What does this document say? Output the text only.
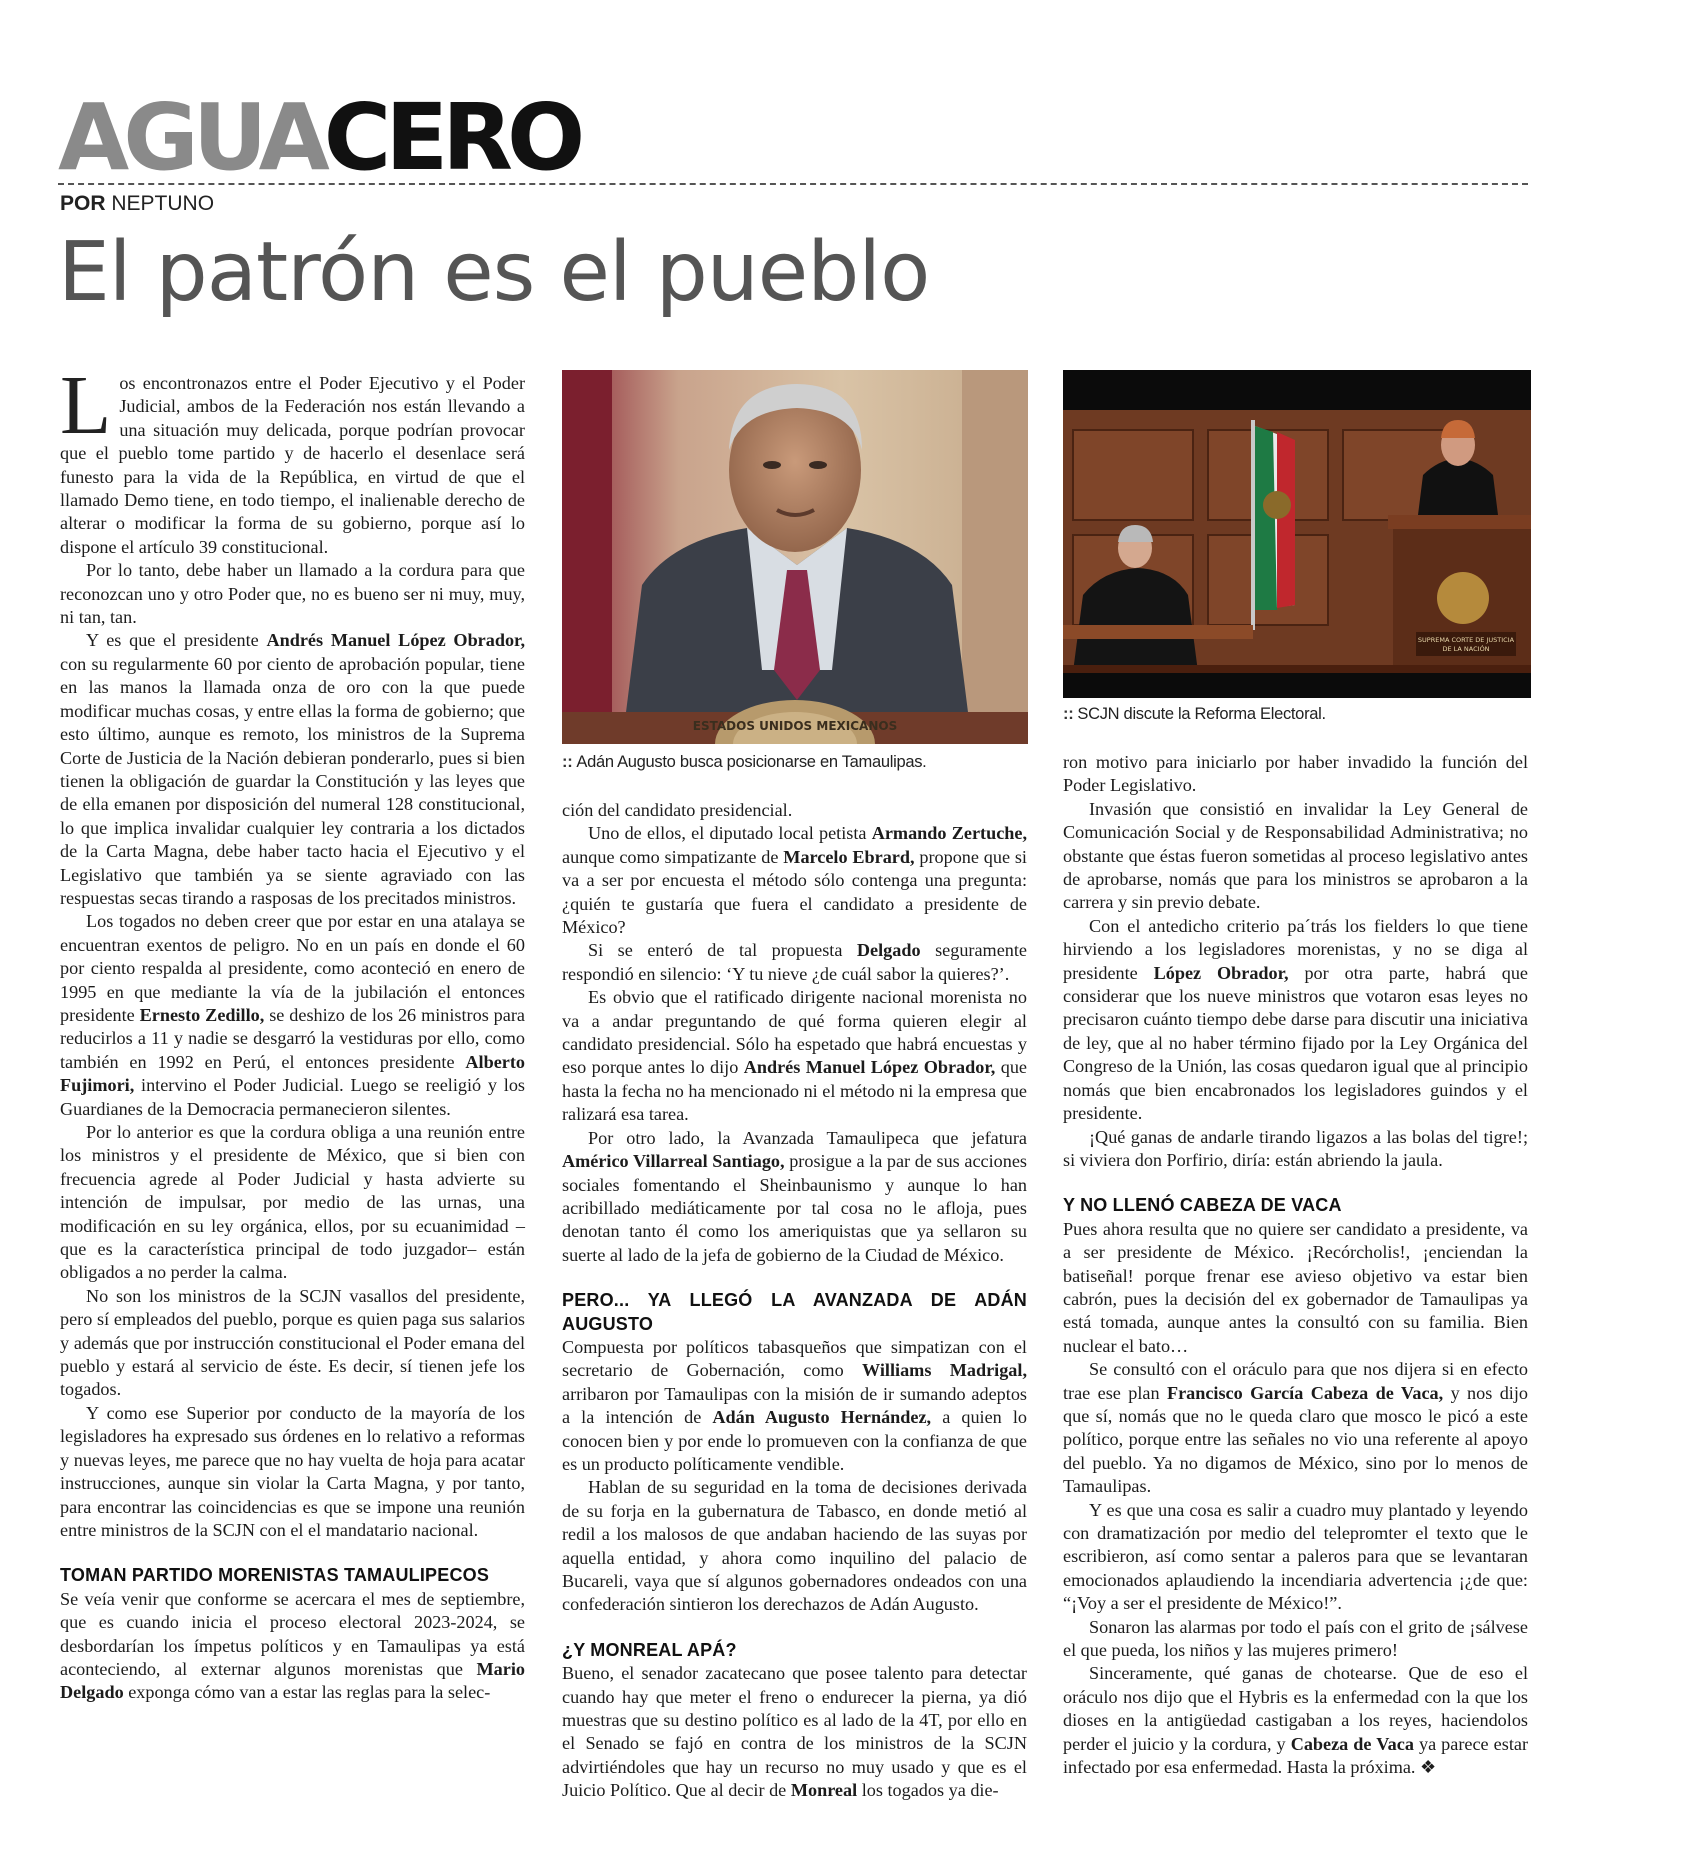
AGUACERO
POR NEPTUNO
El patrón es el pueblo
ESTADOS UNIDOS MEXICANOS
:: Adán Augusto busca posicionarse en Tamaulipas.
SUPREMA CORTE DE JUSTICIA
DE LA NACIÓN
:: SCJN discute la Reforma Electoral.

Los encontronazos entre el Poder Ejecutivo y el Poder Judicial, ambos de la Federación nos están llevando a una situación muy delicada, porque podrían provocar que el pueblo tome partido y de hacerlo el desenlace será funesto para la vida de la República, en virtud de que el llamado Demo tiene, en todo tiempo, el inalienable derecho de alterar o modificar la forma de su gobierno, porque así lo dispone el artículo 39 constitucional.

Por lo tanto, debe haber un llamado a la cordura para que reconozcan uno y otro Poder que, no es bueno ser ni muy, muy, ni tan, tan.

Y es que el presidente Andrés Manuel López Obrador, con su regularmente 60 por ciento de aprobación popular, tiene en las manos la llamada onza de oro con la que puede modificar muchas cosas, y entre ellas la forma de gobierno; que esto último, aunque es remoto, los ministros de la Suprema Corte de Justicia de la Nación debieran ponderarlo, pues si bien tienen la obligación de guardar la Constitución y las leyes que de ella emanen por disposición del numeral 128 constitucional, lo que implica invalidar cualquier ley contraria a los dictados de la Carta Magna, debe haber tacto hacia el Ejecutivo y el Legislativo que también ya se siente agraviado con las respuestas secas tirando a rasposas de los precitados ministros.

Los togados no deben creer que por estar en una atalaya se encuentran exentos de peligro. No en un país en donde el 60 por ciento respalda al presidente, como aconteció en enero de 1995 en que mediante la vía de la jubilación el entonces presidente Ernesto Zedillo, se deshizo de los 26 ministros para reducirlos a 11 y nadie se desgarró la vestiduras por ello, como también en 1992 en Perú, el entonces presidente Alberto Fujimori, intervino el Poder Judicial. Luego se reeligió y los Guardianes de la Democracia permanecieron silentes.

Por lo anterior es que la cordura obliga a una reunión entre los ministros y el presidente de México, que si bien con frecuencia agrede al Poder Judicial y hasta advierte su intención de impulsar, por medio de las urnas, una modificación en su ley orgánica, ellos, por su ecuanimidad –que es la característica principal de todo juzgador– están obligados a no perder la calma.

No son los ministros de la SCJN vasallos del presidente, pero sí empleados del pueblo, porque es quien paga sus salarios y además que por instrucción constitucional el Poder emana del pueblo y estará al servicio de éste. Es decir, sí tienen jefe los togados.

Y como ese Superior por conducto de la mayoría de los legisladores ha expresado sus órdenes en lo relativo a reformas y nuevas leyes, me parece que no hay vuelta de hoja para acatar instrucciones, aunque sin violar la Carta Magna, y por tanto, para encontrar las coincidencias es que se impone una reunión entre ministros de la SCJN con el el mandatario nacional.

TOMAN PARTIDO MORENISTAS TAMAULIPECOS

Se veía venir que conforme se acercara el mes de septiembre, que es cuando inicia el proceso electoral 2023-2024, se desbordarían los ímpetus políticos y en Tamaulipas ya está aconteciendo, al externar algunos morenistas que Mario Delgado exponga cómo van a estar las reglas para la selec-

ción del candidato presidencial.

Uno de ellos, el diputado local petista Armando Zertuche, aunque como simpatizante de Marcelo Ebrard, propone que si va a ser por encuesta el método sólo contenga una pregunta: ¿quién te gustaría que fuera el candidato a presidente de México?

Si se enteró de tal propuesta Delgado seguramente respondió en silencio: ‘Y tu nieve ¿de cuál sabor la quieres?’.

Es obvio que el ratificado dirigente nacional morenista no va a andar preguntando de qué forma quieren elegir al candidato presidencial. Sólo ha espetado que habrá encuestas y eso porque antes lo dijo Andrés Manuel López Obrador, que hasta la fecha no ha mencionado ni el método ni la empresa que ralizará esa tarea.

Por otro lado, la Avanzada Tamaulipeca que jefatura Américo Villarreal Santiago, prosigue a la par de sus acciones sociales fomentando el Sheinbaunismo y aunque lo han acribillado mediáticamente por tal cosa no le afloja, pues denotan tanto él como los ameriquistas que ya sellaron su suerte al lado de la jefa de gobierno de la Ciudad de México.

PERO... YA LLEGÓ LA AVANZADA DE ADÁN AUGUSTO

Compuesta por políticos tabasqueños que simpatizan con el secretario de Gobernación, como Williams Madrigal, arribaron por Tamaulipas con la misión de ir sumando adeptos a la intención de Adán Augusto Hernández, a quien lo conocen bien y por ende lo promueven con la confianza de que es un producto políticamente vendible.

Hablan de su seguridad en la toma de decisiones derivada de su forja en la gubernatura de Tabasco, en donde metió al redil a los malosos de que andaban haciendo de las suyas por aquella entidad, y ahora como inquilino del palacio de Bucareli, vaya que sí algunos gobernadores ondeados con una confederación sintieron los derechazos de Adán Augusto.

¿Y MONREAL APÁ?

Bueno, el senador zacatecano que posee talento para detectar cuando hay que meter el freno o endurecer la pierna, ya dió muestras que su destino político es al lado de la 4T, por ello en el Senado se fajó en contra de los ministros de la SCJN advirtiéndoles que hay un recurso no muy usado y que es el Juicio Político. Que al decir de Monreal los togados ya die-

ron motivo para iniciarlo por haber invadido la función del Poder Legislativo.

Invasión que consistió en invalidar la Ley General de Comunicación Social y de Responsabilidad Administrativa; no obstante que éstas fueron sometidas al proceso legislativo antes de aprobarse, nomás que para los ministros se aprobaron a la carrera y sin previo debate.

Con el antedicho criterio pa´trás los fielders lo que tiene hirviendo a los legisladores morenistas, y no se diga al presidente López Obrador, por otra parte, habrá que considerar que los nueve ministros que votaron esas leyes no precisaron cuánto tiempo debe darse para discutir una iniciativa de ley, que al no haber término fijado por la Ley Orgánica del Congreso de la Unión, las cosas quedaron igual que al principio nomás que bien encabronados los legisladores guindos y el presidente.

¡Qué ganas de andarle tirando ligazos a las bolas del tigre!; si viviera don Porfirio, diría: están abriendo la jaula.

Y NO LLENÓ CABEZA DE VACA

Pues ahora resulta que no quiere ser candidato a presidente, va a ser presidente de México. ¡Recórcholis!, ¡enciendan la batiseñal! porque frenar ese avieso objetivo va estar bien cabrón, pues la decisión del ex gobernador de Tamaulipas ya está tomada, aunque antes la consultó con su familia. Bien nuclear el bato…

Se consultó con el oráculo para que nos dijera si en efecto trae ese plan Francisco García Cabeza de Vaca, y nos dijo que sí, nomás que no le queda claro que mosco le picó a este político, porque entre las señales no vio una referente al apoyo del pueblo. Ya no digamos de México, sino por lo menos de Tamaulipas.

Y es que una cosa es salir a cuadro muy plantado y leyendo con dramatización por medio del telepromter el texto que le escribieron, así como sentar a paleros para que se levantaran emocionados aplaudiendo la incendiaria advertencia ¡¿de que: “¡Voy a ser el presidente de México!”.

Sonaron las alarmas por todo el país con el grito de ¡sálvese el que pueda, los niños y las mujeres primero!

Sinceramente, qué ganas de chotearse. Que de eso el oráculo nos dijo que el Hybris es la enfermedad con la que los dioses en la antigüedad castigaban a los reyes, haciendolos perder el juicio y la cordura, y Cabeza de Vaca ya parece estar infectado por esa enfermedad. Hasta la próxima. ❖
